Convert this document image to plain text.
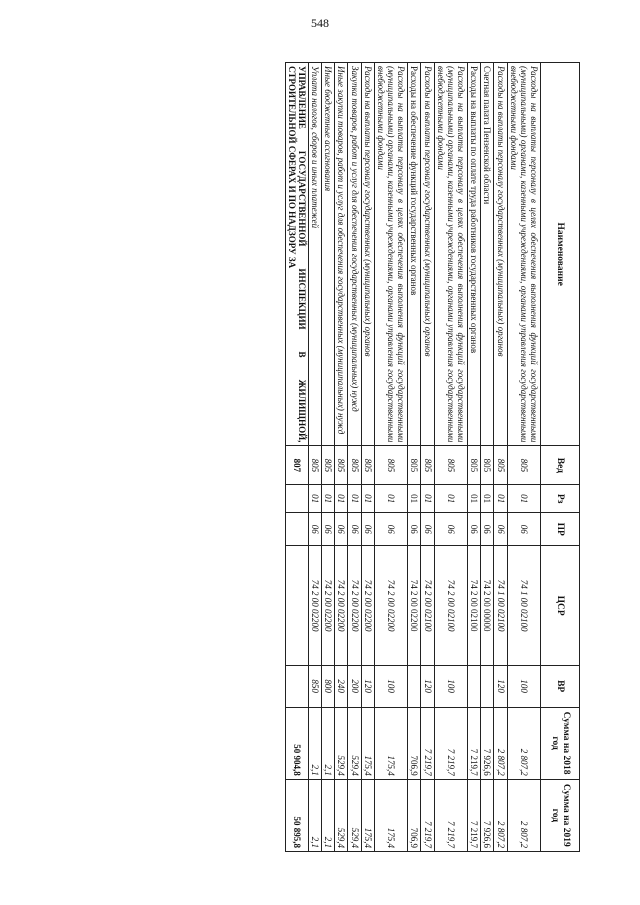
548
Наименование	Вед	Рз	ПР	ЦСР	ВР	Сумма на 2018 год	Сумма на 2019 год
Расходы на выплаты персоналу в целях обеспечения выполнения функций государственными (муниципальными) органами, казенными учреждениями, органами управления государственными внебюджетными фондами	805	01	06	74 1 00 02100	100	2 807,2	2 807,2
Расходы на выплаты персоналу государственных (муниципальных) органов	805	01	06	74 1 00 02100	120	2 807,2	2 807,2
Счетная палата Пензенской области	805	01	06	74 2 00 00000		7 926,6	7 926,6
Расходы на выплаты по оплате труда работников государственных органов	805	01	06	74 2 00 02100		7 219,7	7 219,7
Расходы на выплаты персоналу в целях обеспечения выполнения функций государственными (муниципальными) органами, казенными учреждениями, органами управления государственными внебюджетными фондами	805	01	06	74 2 00 02100	100	7 219,7	7 219,7
Расходы на выплаты персоналу государственных (муниципальных) органов	805	01	06	74 2 00 02100	120	7 219,7	7 219,7
Расходы на обеспечение функций государственных органов	805	01	06	74 2 00 02200		706,9	706,9
Расходы на выплаты персоналу в целях обеспечения выполнения функций государственными (муниципальными) органами, казенными учреждениями, органами управления государственными внебюджетными фондами	805	01	06	74 2 00 02200	100	175,4	175,4
Расходы на выплаты персоналу государственных (муниципальных) органов	805	01	06	74 2 00 02200	120	175,4	175,4
Закупка товаров, работ и услуг для обеспечения государственных (муниципальных) нужд	805	01	06	74 2 00 02200	200	529,4	529,4
Иные закупки товаров, работ и услуг для обеспечения государственных (муниципальных) нужд	805	01	06	74 2 00 02200	240	529,4	529,4
Иные бюджетные ассигнования	805	01	06	74 2 00 02200	800	2,1	2,1
Уплата налогов, сборов и иных платежей	805	01	06	74 2 00 02200	850	2,1	2,1
УПРАВЛЕНИЕ ГОСУДАРСТВЕННОЙ ИНСПЕКЦИИ В ЖИЛИЩНОЙ, СТРОИТЕЛЬНОЙ СФЕРАХ И ПО НАДЗОРУ ЗА	807					50 904,8	50 895,8
